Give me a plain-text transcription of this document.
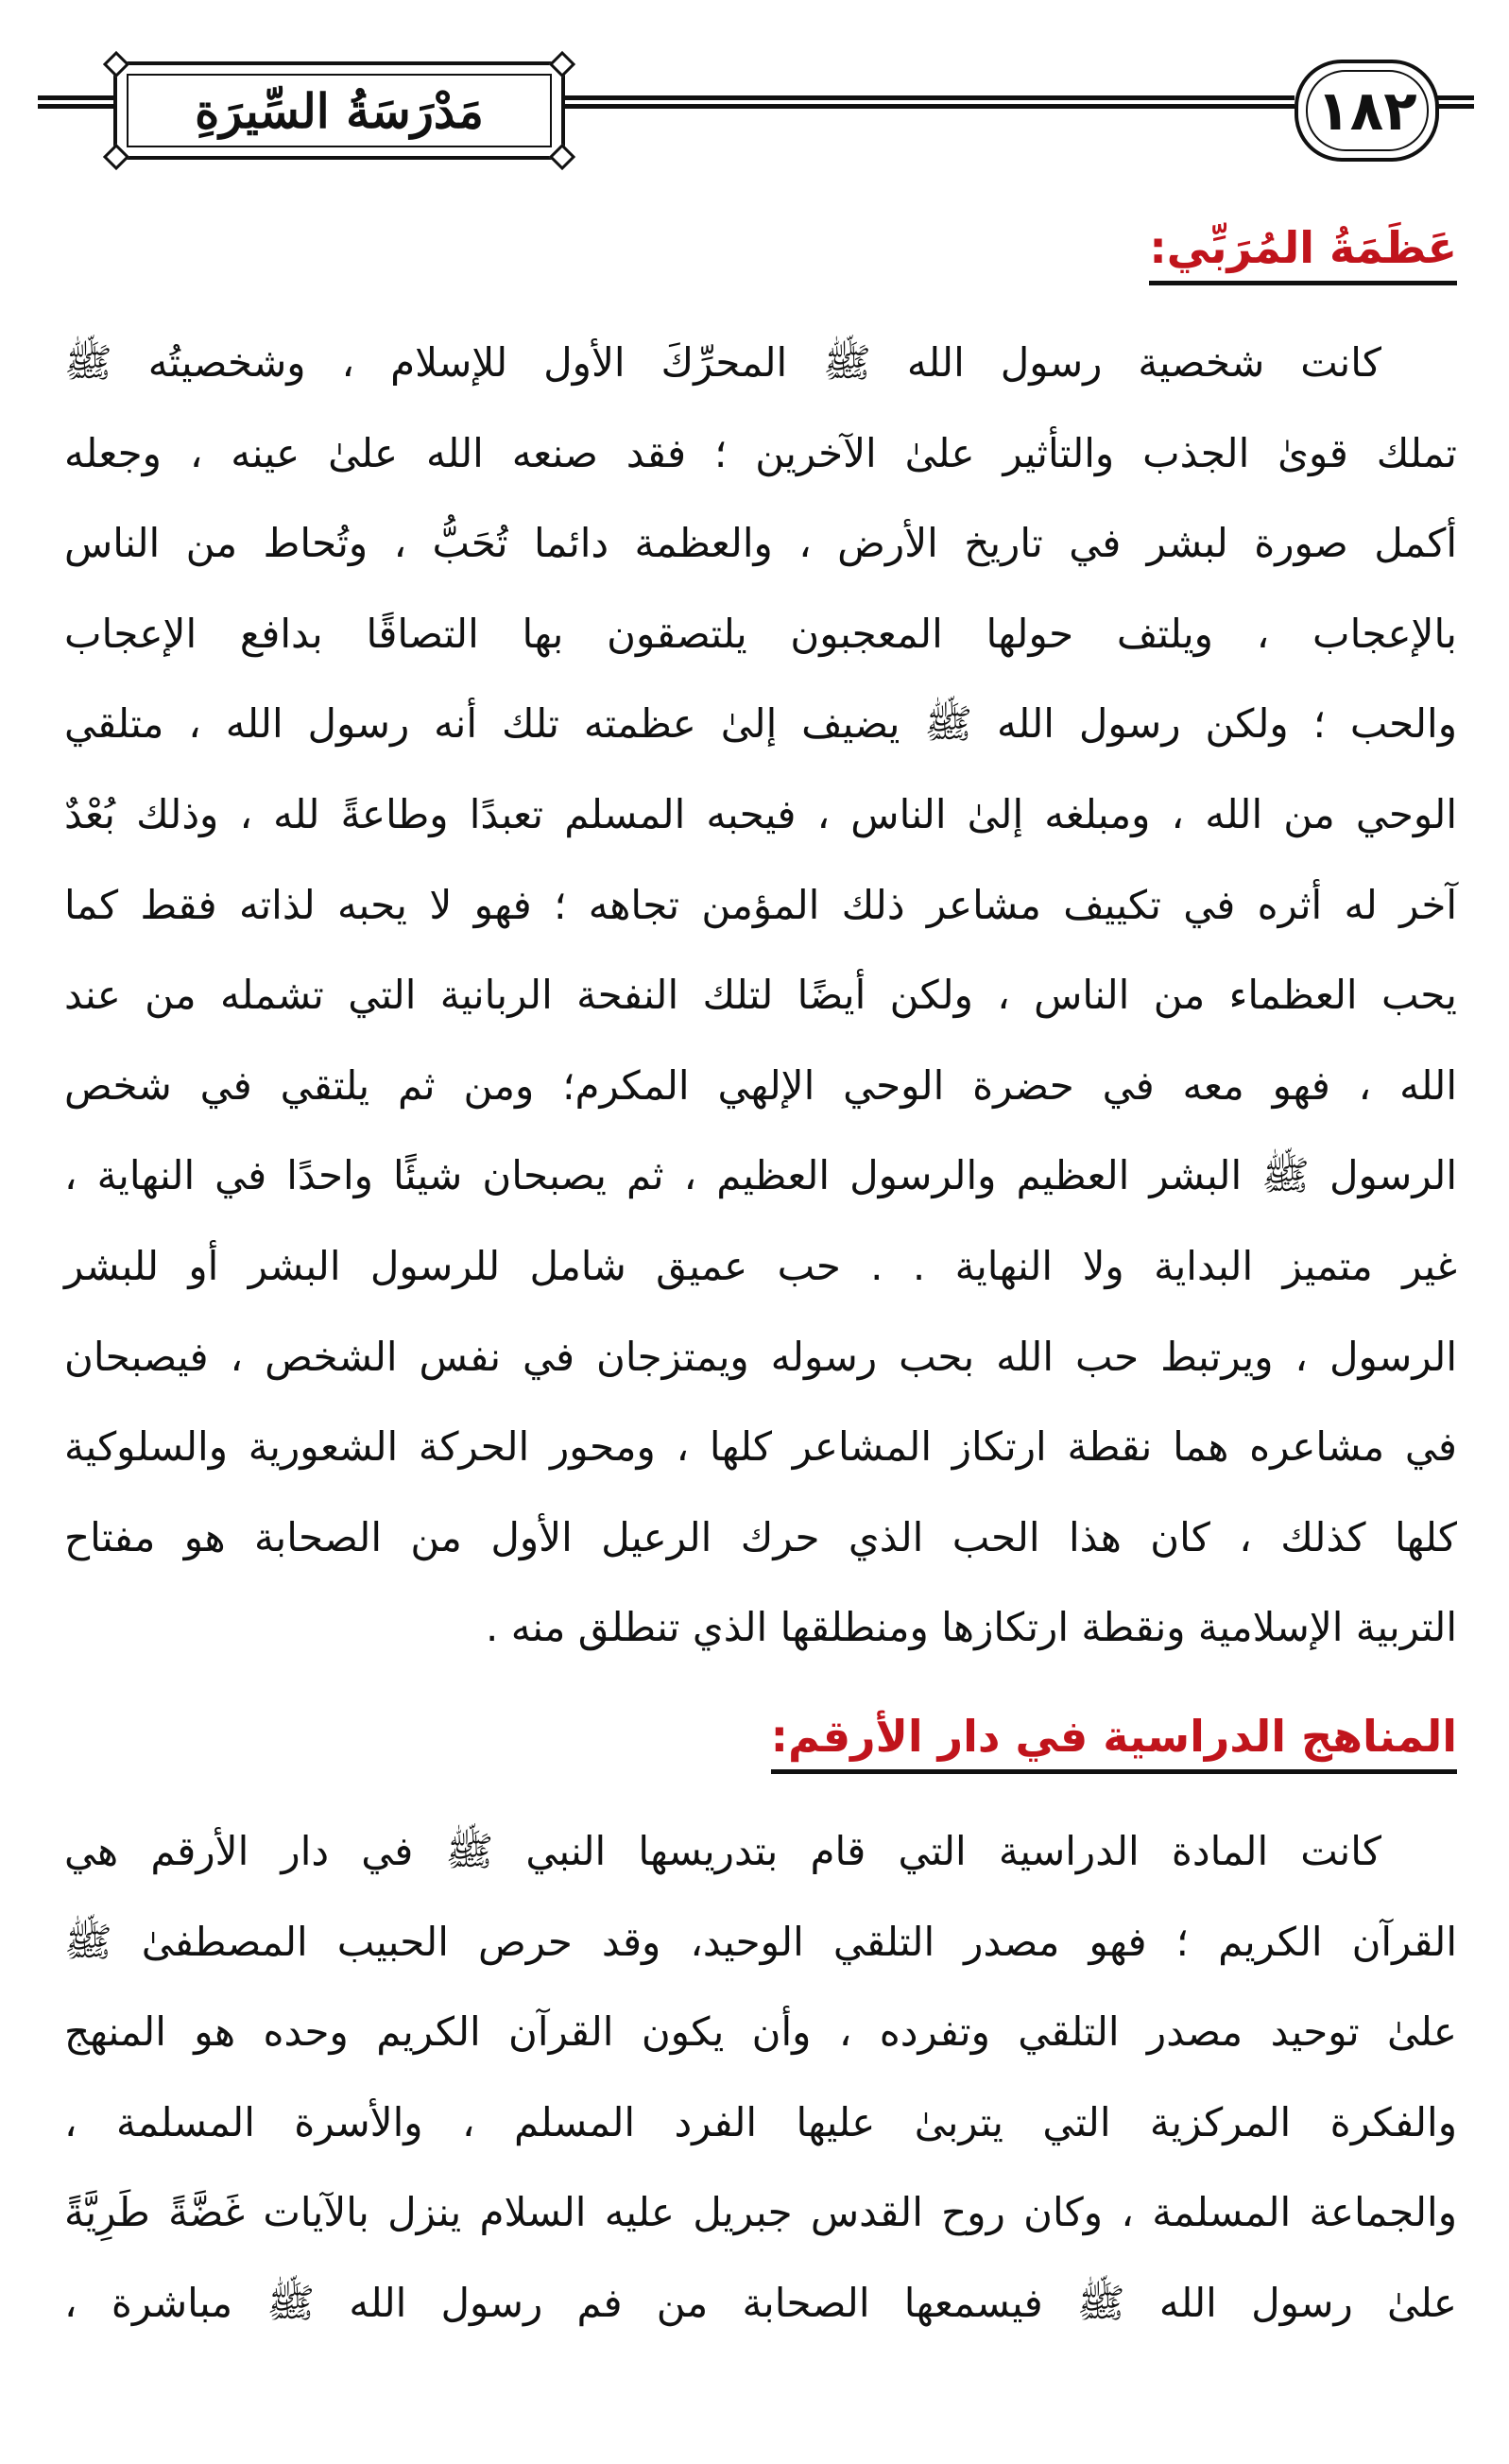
مَدْرَسَةُ السِّيرَةِ	١٨٢
عَظَمَةُ المُرَبِّي:

كانت شخصية رسول الله ﷺ المحرِّكَ الأول للإسلام ، وشخصيتُه ﷺ

تملك قوىٰ الجذب والتأثير علىٰ الآخرين ؛ فقد صنعه الله علىٰ عينه ، وجعله

أكمل صورة لبشر في تاريخ الأرض ، والعظمة دائما تُحَبُّ ، وتُحاط من الناس

بالإعجاب ، ويلتف حولها المعجبون يلتصقون بها التصاقًا بدافع الإعجاب

والحب ؛ ولكن رسول الله ﷺ يضيف إلىٰ عظمته تلك أنه رسول الله ، متلقي

الوحي من الله ، ومبلغه إلىٰ الناس ، فيحبه المسلم تعبدًا وطاعةً لله ، وذلك بُعْدٌ

آخر له أثره في تكييف مشاعر ذلك المؤمن تجاهه ؛ فهو لا يحبه لذاته فقط كما

يحب العظماء من الناس ، ولكن أيضًا لتلك النفحة الربانية التي تشمله من عند

الله ، فهو معه في حضرة الوحي الإلهي المكرم؛ ومن ثم يلتقي في شخص

الرسول ﷺ البشر العظيم والرسول العظيم ، ثم يصبحان شيئًا واحدًا في النهاية ،

غير متميز البداية ولا النهاية . . حب عميق شامل للرسول البشر أو للبشر

الرسول ، ويرتبط حب الله بحب رسوله ويمتزجان في نفس الشخص ، فيصبحان

في مشاعره هما نقطة ارتكاز المشاعر كلها ، ومحور الحركة الشعورية والسلوكية

كلها كذلك ، كان هذا الحب الذي حرك الرعيل الأول من الصحابة هو مفتاح

التربية الإسلامية ونقطة ارتكازها ومنطلقها الذي تنطلق منه .

المناهج الدراسية في دار الأرقم:

كانت المادة الدراسية التي قام بتدريسها النبي ﷺ في دار الأرقم هي

القرآن الكريم ؛ فهو مصدر التلقي الوحيد، وقد حرص الحبيب المصطفىٰ ﷺ

علىٰ توحيد مصدر التلقي وتفرده ، وأن يكون القرآن الكريم وحده هو المنهج

والفكرة المركزية التي يتربىٰ عليها الفرد المسلم ، والأسرة المسلمة ،

والجماعة المسلمة ، وكان روح القدس جبريل عليه السلام ينزل بالآيات غَضَّةً طَرِيَّةً

علىٰ رسول الله ﷺ فيسمعها الصحابة من فم رسول الله ﷺ مباشرة ،
